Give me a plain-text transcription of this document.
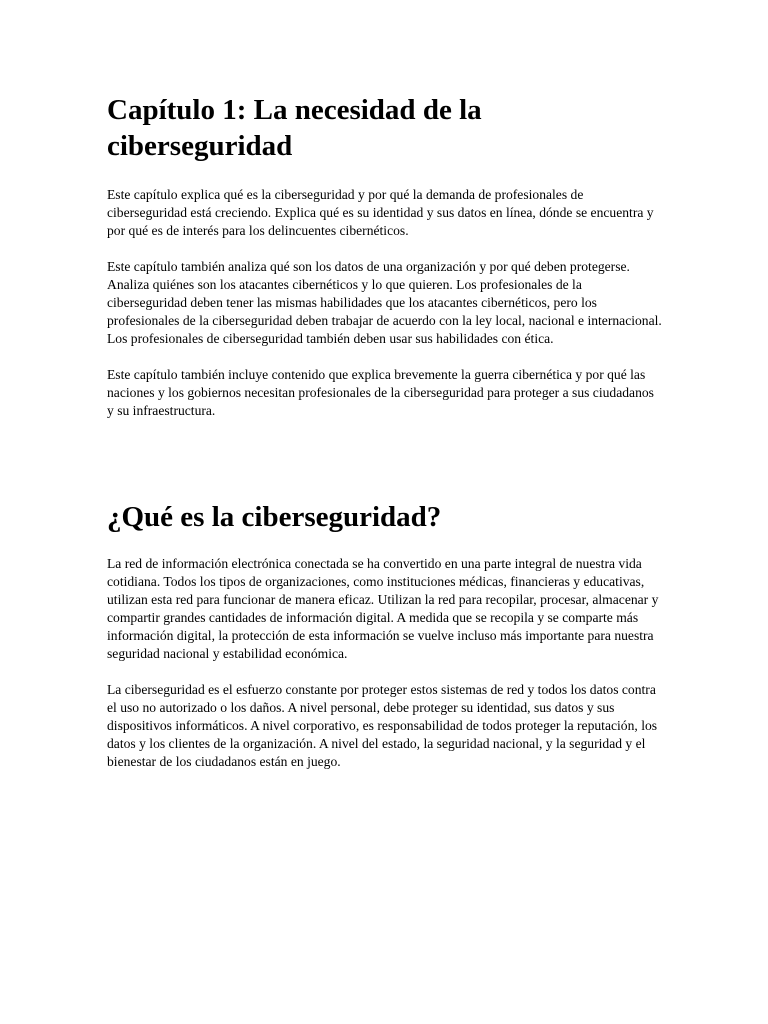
Capítulo 1: La necesidad de la ciberseguridad

Este capítulo explica qué es la ciberseguridad y por qué la demanda de profesionales de ciberseguridad está creciendo. Explica qué es su identidad y sus datos en línea, dónde se encuentra y por qué es de interés para los delincuentes cibernéticos.

Este capítulo también analiza qué son los datos de una organización y por qué deben protegerse. Analiza quiénes son los atacantes cibernéticos y lo que quieren. Los profesionales de la ciberseguridad deben tener las mismas habilidades que los atacantes cibernéticos, pero los profesionales de la ciberseguridad deben trabajar de acuerdo con la ley local, nacional e internacional. Los profesionales de ciberseguridad también deben usar sus habilidades con ética.

Este capítulo también incluye contenido que explica brevemente la guerra cibernética y por qué las naciones y los gobiernos necesitan profesionales de la ciberseguridad para proteger a sus ciudadanos y su infraestructura.

¿Qué es la ciberseguridad?

La red de información electrónica conectada se ha convertido en una parte integral de nuestra vida cotidiana. Todos los tipos de organizaciones, como instituciones médicas, financieras y educativas, utilizan esta red para funcionar de manera eficaz. Utilizan la red para recopilar, procesar, almacenar y compartir grandes cantidades de información digital. A medida que se recopila y se comparte más información digital, la protección de esta información se vuelve incluso más importante para nuestra seguridad nacional y estabilidad económica.

La ciberseguridad es el esfuerzo constante por proteger estos sistemas de red y todos los datos contra el uso no autorizado o los daños. A nivel personal, debe proteger su identidad, sus datos y sus dispositivos informáticos. A nivel corporativo, es responsabilidad de todos proteger la reputación, los datos y los clientes de la organización. A nivel del estado, la seguridad nacional, y la seguridad y el bienestar de los ciudadanos están en juego.
